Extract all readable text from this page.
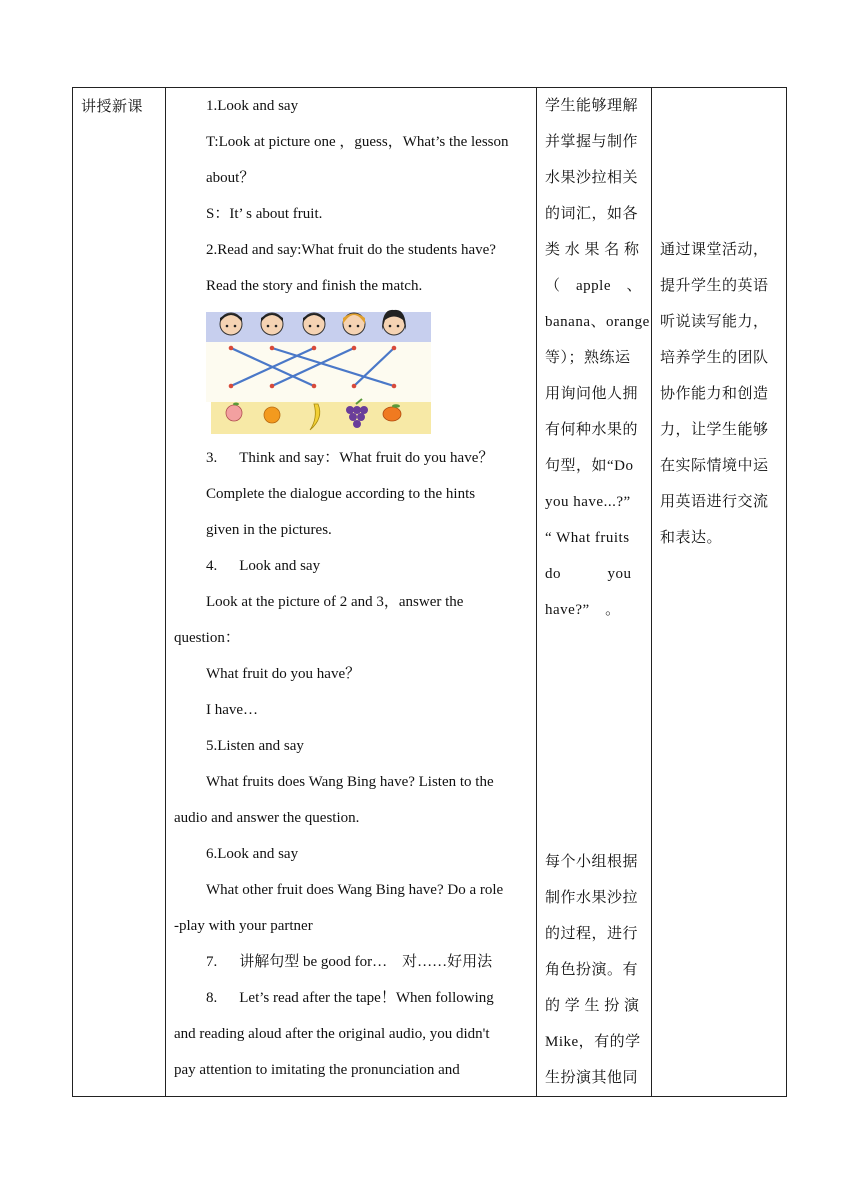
讲授新课	1.Look and say
T:Look at picture one ，guess，What’s the lesson
about？
S：It’ s about fruit.
2.Read and say:What fruit do the students have?
Read the story and finish the match.
3. Think and say：What fruit do you have？
Complete the dialogue according to the hints
given in the pictures.
4. Look and say
Look at the picture of 2 and 3，answer the
question：
What fruit do you have？
I have…
5.Listen and say
What fruits does Wang Bing have? Listen to the
audio and answer the question.
6.Look and say
What other fruit does Wang Bing have? Do a role
-play with your partner
7. 讲解句型 be good for…　对……好用法
8. Let’s read after the tape！When following
and reading aloud after the original audio, you didn't
pay attention to imitating the pronunciation and
学生能够理解
并掌握与制作
水果沙拉相关
的词汇，如各
类 水 果 名 称
（　apple　、
banana、orange
等）；熟练运
用询问他人拥
有何种水果的
句型，如“Do
you have...?”
“ What fruits
do　　　you
have?”　。
每个小组根据
制作水果沙拉
的过程，进行
角色扮演。有
的 学 生 扮 演
Mike，有的学
生扮演其他同
通过课堂活动，
提升学生的英语
听说读写能力，
培养学生的团队
协作能力和创造
力，让学生能够
在实际情境中运
用英语进行交流
和表达。
